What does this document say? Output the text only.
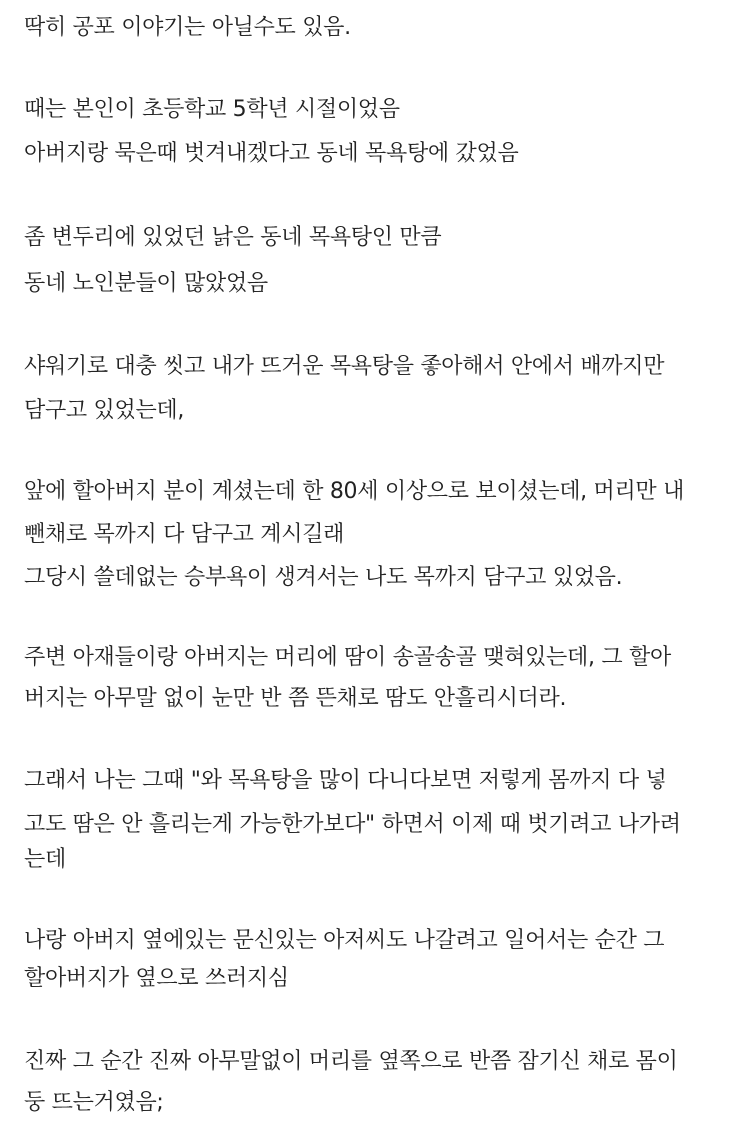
딱히 공포 이야기는 아닐수도 있음.
때는 본인이 초등학교 5학년 시절이었음
아버지랑 묵은때 벗겨내겠다고 동네 목욕탕에 갔었음
좀 변두리에 있었던 낡은 동네 목욕탕인 만큼
동네 노인분들이 많았었음
샤워기로 대충 씻고 내가 뜨거운 목욕탕을 좋아해서 안에서 배까지만
담구고 있었는데,
앞에 할아버지 분이 계셨는데 한 80세 이상으로 보이셨는데, 머리만 내
뺀채로 목까지 다 담구고 계시길래
그당시 쓸데없는 승부욕이 생겨서는 나도 목까지 담구고 있었음.
주변 아재들이랑 아버지는 머리에 땀이 송골송골 맺혀있는데, 그 할아
버지는 아무말 없이 눈만 반 쯤 뜬채로 땀도 안흘리시더라.
그래서 나는 그때 "와 목욕탕을 많이 다니다보면 저렇게 몸까지 다 넣
고도 땀은 안 흘리는게 가능한가보다" 하면서 이제 때 벗기려고 나가려
는데
나랑 아버지 옆에있는 문신있는 아저씨도 나갈려고 일어서는 순간 그
할아버지가 옆으로 쓰러지심
진짜 그 순간 진짜 아무말없이 머리를 옆쪽으로 반쯤 잠기신 채로 몸이
둥 뜨는거였음;
